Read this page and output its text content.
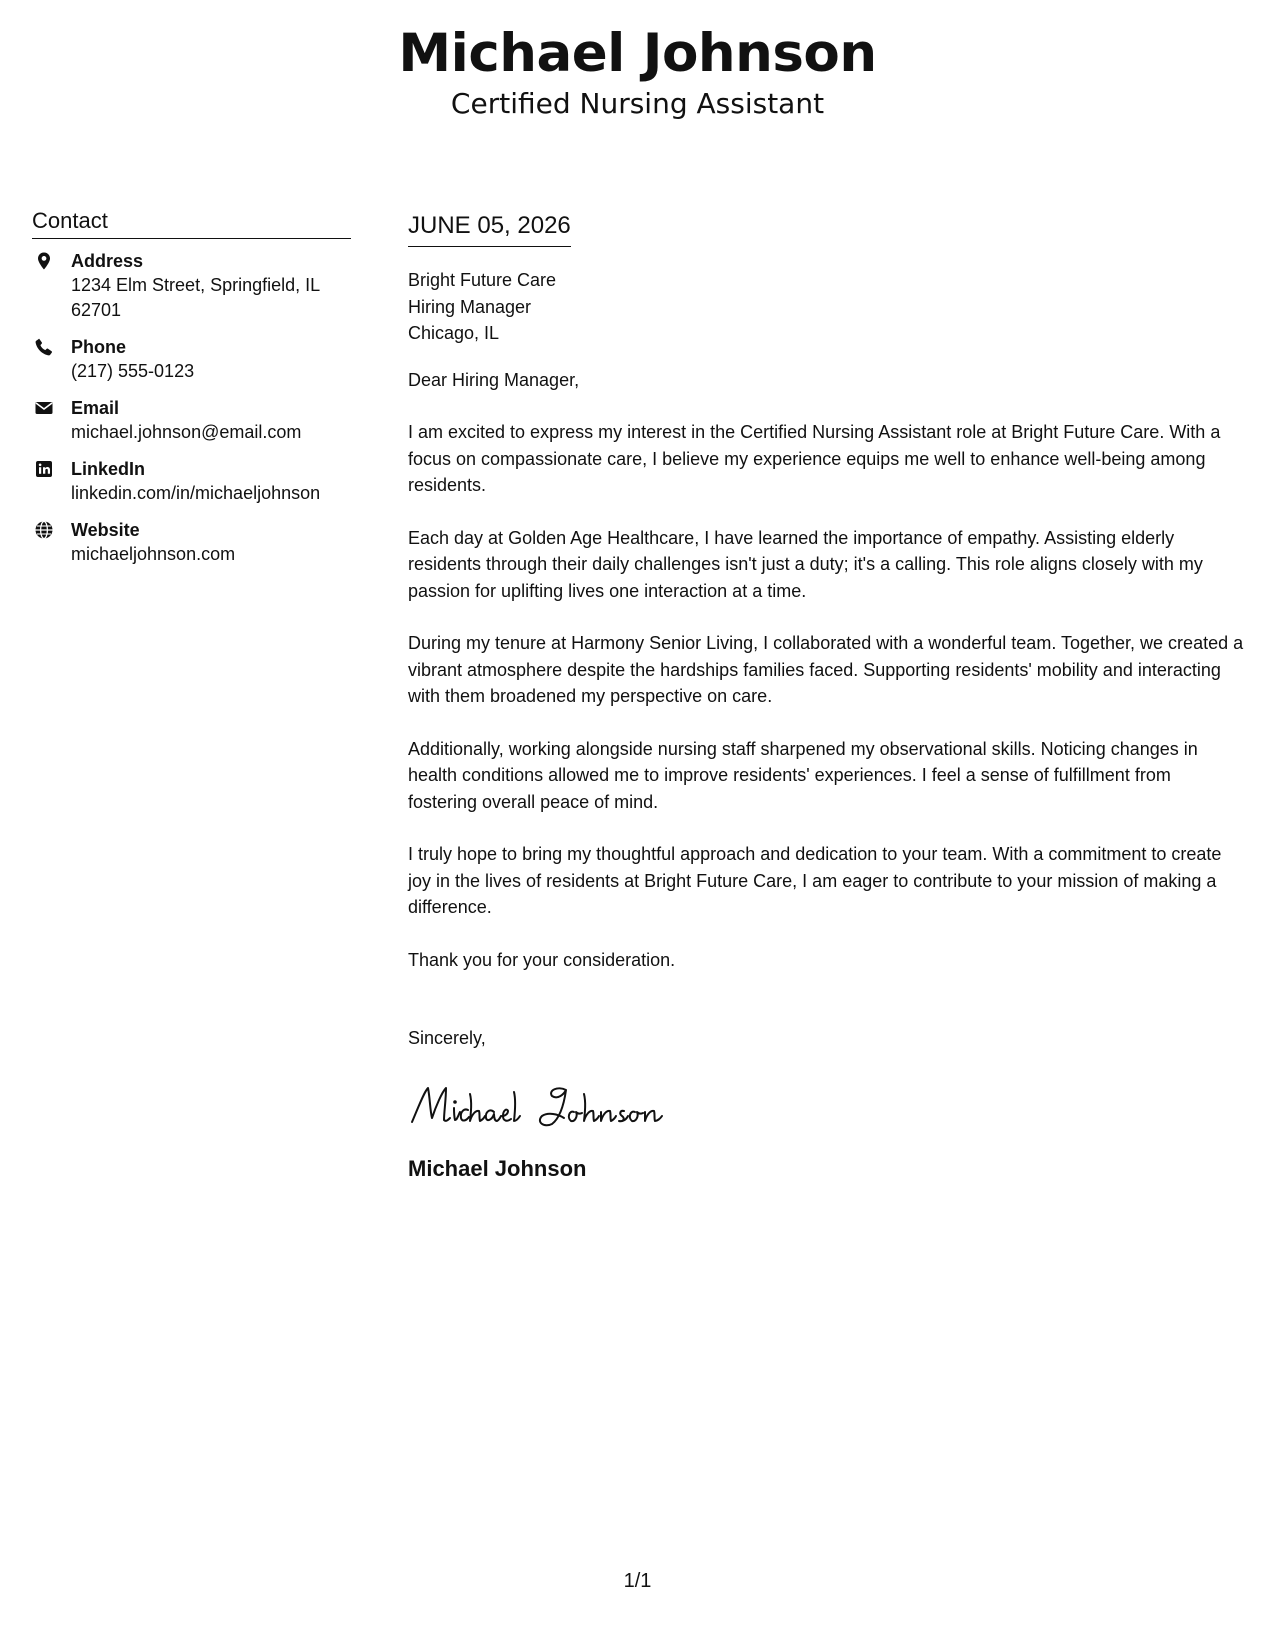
Michael Johnson
Certified Nursing Assistant
Contact
Address
1234 Elm Street, Springfield, IL 62701
Phone
(217) 555-0123
Email
michael.johnson@email.com
LinkedIn
linkedin.com/in/michaeljohnson
Website
michaeljohnson.com
JUNE 05, 2026
Bright Future Care
Hiring Manager
Chicago, IL
Dear Hiring Manager,
I am excited to express my interest in the Certified Nursing Assistant role at Bright Future Care. With a focus on compassionate care, I believe my experience equips me well to enhance well-being among residents.
Each day at Golden Age Healthcare, I have learned the importance of empathy. Assisting elderly residents through their daily challenges isn't just a duty; it's a calling. This role aligns closely with my passion for uplifting lives one interaction at a time.
During my tenure at Harmony Senior Living, I collaborated with a wonderful team. Together, we created a vibrant atmosphere despite the hardships families faced. Supporting residents' mobility and interacting with them broadened my perspective on care.
Additionally, working alongside nursing staff sharpened my observational skills. Noticing changes in health conditions allowed me to improve residents' experiences. I feel a sense of fulfillment from fostering overall peace of mind.
I truly hope to bring my thoughtful approach and dedication to your team. With a commitment to create joy in the lives of residents at Bright Future Care, I am eager to contribute to your mission of making a difference.
Thank you for your consideration.
Sincerely,
Michael Johnson
1/1
